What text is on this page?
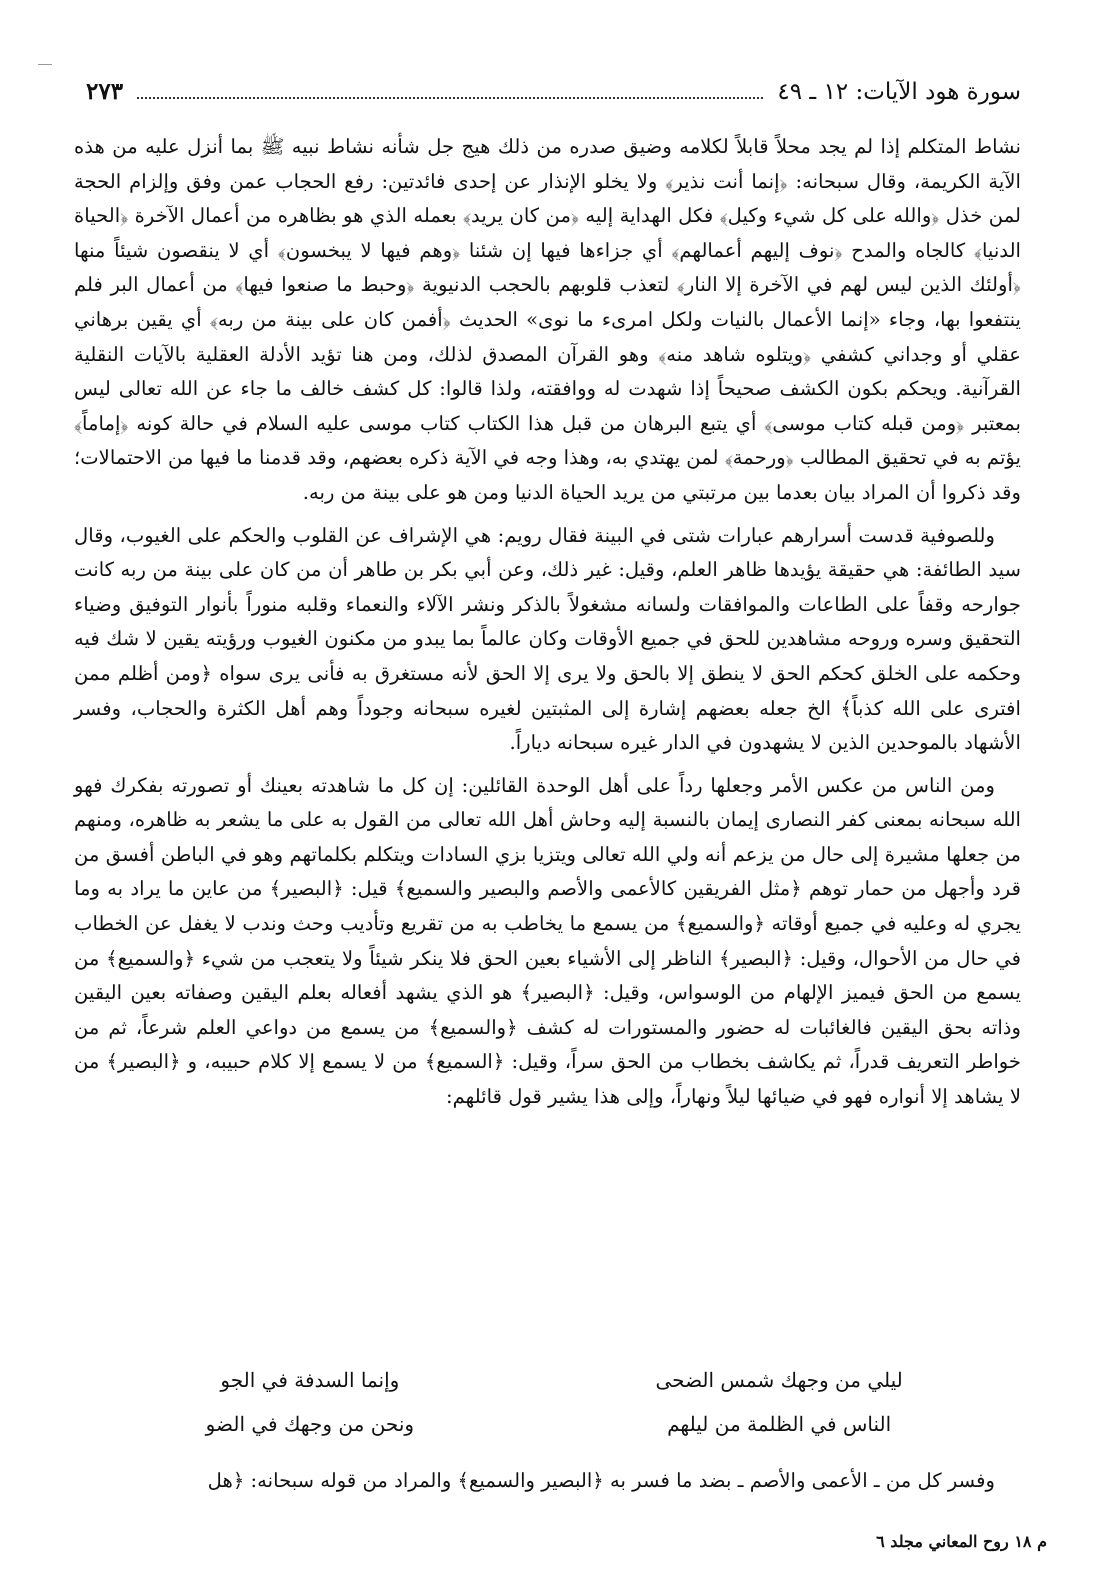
سورة هود الآيات: ١٢ ـ ٤٩
٢٧٣

نشاط المتكلم إذا لم يجد محلاً قابلاً لكلامه وضيق صدره من ذلك هيج جل شأنه نشاط نبيه ﷺ بما أنزل عليه من هذه الآية الكريمة، وقال سبحانه: ﴿إنما أنت نذير﴾ ولا يخلو الإنذار عن إحدى فائدتين: رفع الحجاب عمن وفق وإلزام الحجة لمن خذل ﴿والله على كل شيء وكيل﴾ فكل الهداية إليه ﴿من كان يريد﴾ بعمله الذي هو بظاهره من أعمال الآخرة ﴿الحياة الدنيا﴾ كالجاه والمدح ﴿نوف إليهم أعمالهم﴾ أي جزاءها فيها إن شئنا ﴿وهم فيها لا يبخسون﴾ أي لا ينقصون شيئاً منها ﴿أولئك الذين ليس لهم في الآخرة إلا النار﴾ لتعذب قلوبهم بالحجب الدنيوية ﴿وحبط ما صنعوا فيها﴾ من أعمال البر فلم ينتفعوا بها، وجاء «إنما الأعمال بالنيات ولكل امرىء ما نوى» الحديث ﴿أفمن كان على بينة من ربه﴾ أي يقين برهاني عقلي أو وجداني كشفي ﴿ويتلوه شاهد منه﴾ وهو القرآن المصدق لذلك، ومن هنا تؤيد الأدلة العقلية بالآيات النقلية القرآنية. ويحكم بكون الكشف صحيحاً إذا شهدت له ووافقته، ولذا قالوا: كل كشف خالف ما جاء عن الله تعالى ليس بمعتبر ﴿ومن قبله كتاب موسى﴾ أي يتبع البرهان من قبل هذا الكتاب كتاب موسى عليه السلام في حالة كونه ﴿إماماً﴾ يؤتم به في تحقيق المطالب ﴿ورحمة﴾ لمن يهتدي به، وهذا وجه في الآية ذكره بعضهم، وقد قدمنا ما فيها من الاحتمالات؛ وقد ذكروا أن المراد بيان بعدما بين مرتبتي من يريد الحياة الدنيا ومن هو على بينة من ربه.

وللصوفية قدست أسرارهم عبارات شتى في البينة فقال رويم: هي الإشراف عن القلوب والحكم على الغيوب، وقال سيد الطائفة: هي حقيقة يؤيدها ظاهر العلم، وقيل: غير ذلك، وعن أبي بكر بن طاهر أن من كان على بينة من ربه كانت جوارحه وقفاً على الطاعات والموافقات ولسانه مشغولاً بالذكر ونشر الآلاء والنعماء وقلبه منوراً بأنوار التوفيق وضياء التحقيق وسره وروحه مشاهدين للحق في جميع الأوقات وكان عالماً بما يبدو من مكنون الغيوب ورؤيته يقين لا شك فيه وحكمه على الخلق كحكم الحق لا ينطق إلا بالحق ولا يرى إلا الحق لأنه مستغرق به فأنى يرى سواه ﴿ومن أظلم ممن افترى على الله كذباً﴾ الخ جعله بعضهم إشارة إلى المثبتين لغيره سبحانه وجوداً وهم أهل الكثرة والحجاب، وفسر الأشهاد بالموحدين الذين لا يشهدون في الدار غيره سبحانه دياراً.

ومن الناس من عكس الأمر وجعلها رداً على أهل الوحدة القائلين: إن كل ما شاهدته بعينك أو تصورته بفكرك فهو الله سبحانه بمعنى كفر النصارى إيمان بالنسبة إليه وحاش أهل الله تعالى من القول به على ما يشعر به ظاهره، ومنهم من جعلها مشيرة إلى حال من يزعم أنه ولي الله تعالى ويتزيا بزي السادات ويتكلم بكلماتهم وهو في الباطن أفسق من قرد وأجهل من حمار توهم ﴿مثل الفريقين كالأعمى والأصم والبصير والسميع﴾ قيل: ﴿البصير﴾ من عاين ما يراد به وما يجري له وعليه في جميع أوقاته ﴿والسميع﴾ من يسمع ما يخاطب به من تقريع وتأديب وحث وندب لا يغفل عن الخطاب في حال من الأحوال، وقيل: ﴿البصير﴾ الناظر إلى الأشياء بعين الحق فلا ينكر شيئاً ولا يتعجب من شيء ﴿والسميع﴾ من يسمع من الحق فيميز الإلهام من الوسواس، وقيل: ﴿البصير﴾ هو الذي يشهد أفعاله بعلم اليقين وصفاته بعين اليقين وذاته بحق اليقين فالغائبات له حضور والمستورات له كشف ﴿والسميع﴾ من يسمع من دواعي العلم شرعاً، ثم من خواطر التعريف قدراً، ثم يكاشف بخطاب من الحق سراً، وقيل: ﴿السميع﴾ من لا يسمع إلا كلام حبيبه، و ﴿البصير﴾ من لا يشاهد إلا أنواره فهو في ضيائها ليلاً ونهاراً، وإلى هذا يشير قول قائلهم:

ليلي من وجهك شمس الضحى
وإنما السدفة في الجو
الناس في الظلمة من ليلهم
ونحن من وجهك في الضو
وفسر كل من ـ الأعمى والأصم ـ بضد ما فسر به ﴿البصير والسميع﴾ والمراد من قوله سبحانه: ﴿هل
م ١٨ روح المعاني مجلد ٦
